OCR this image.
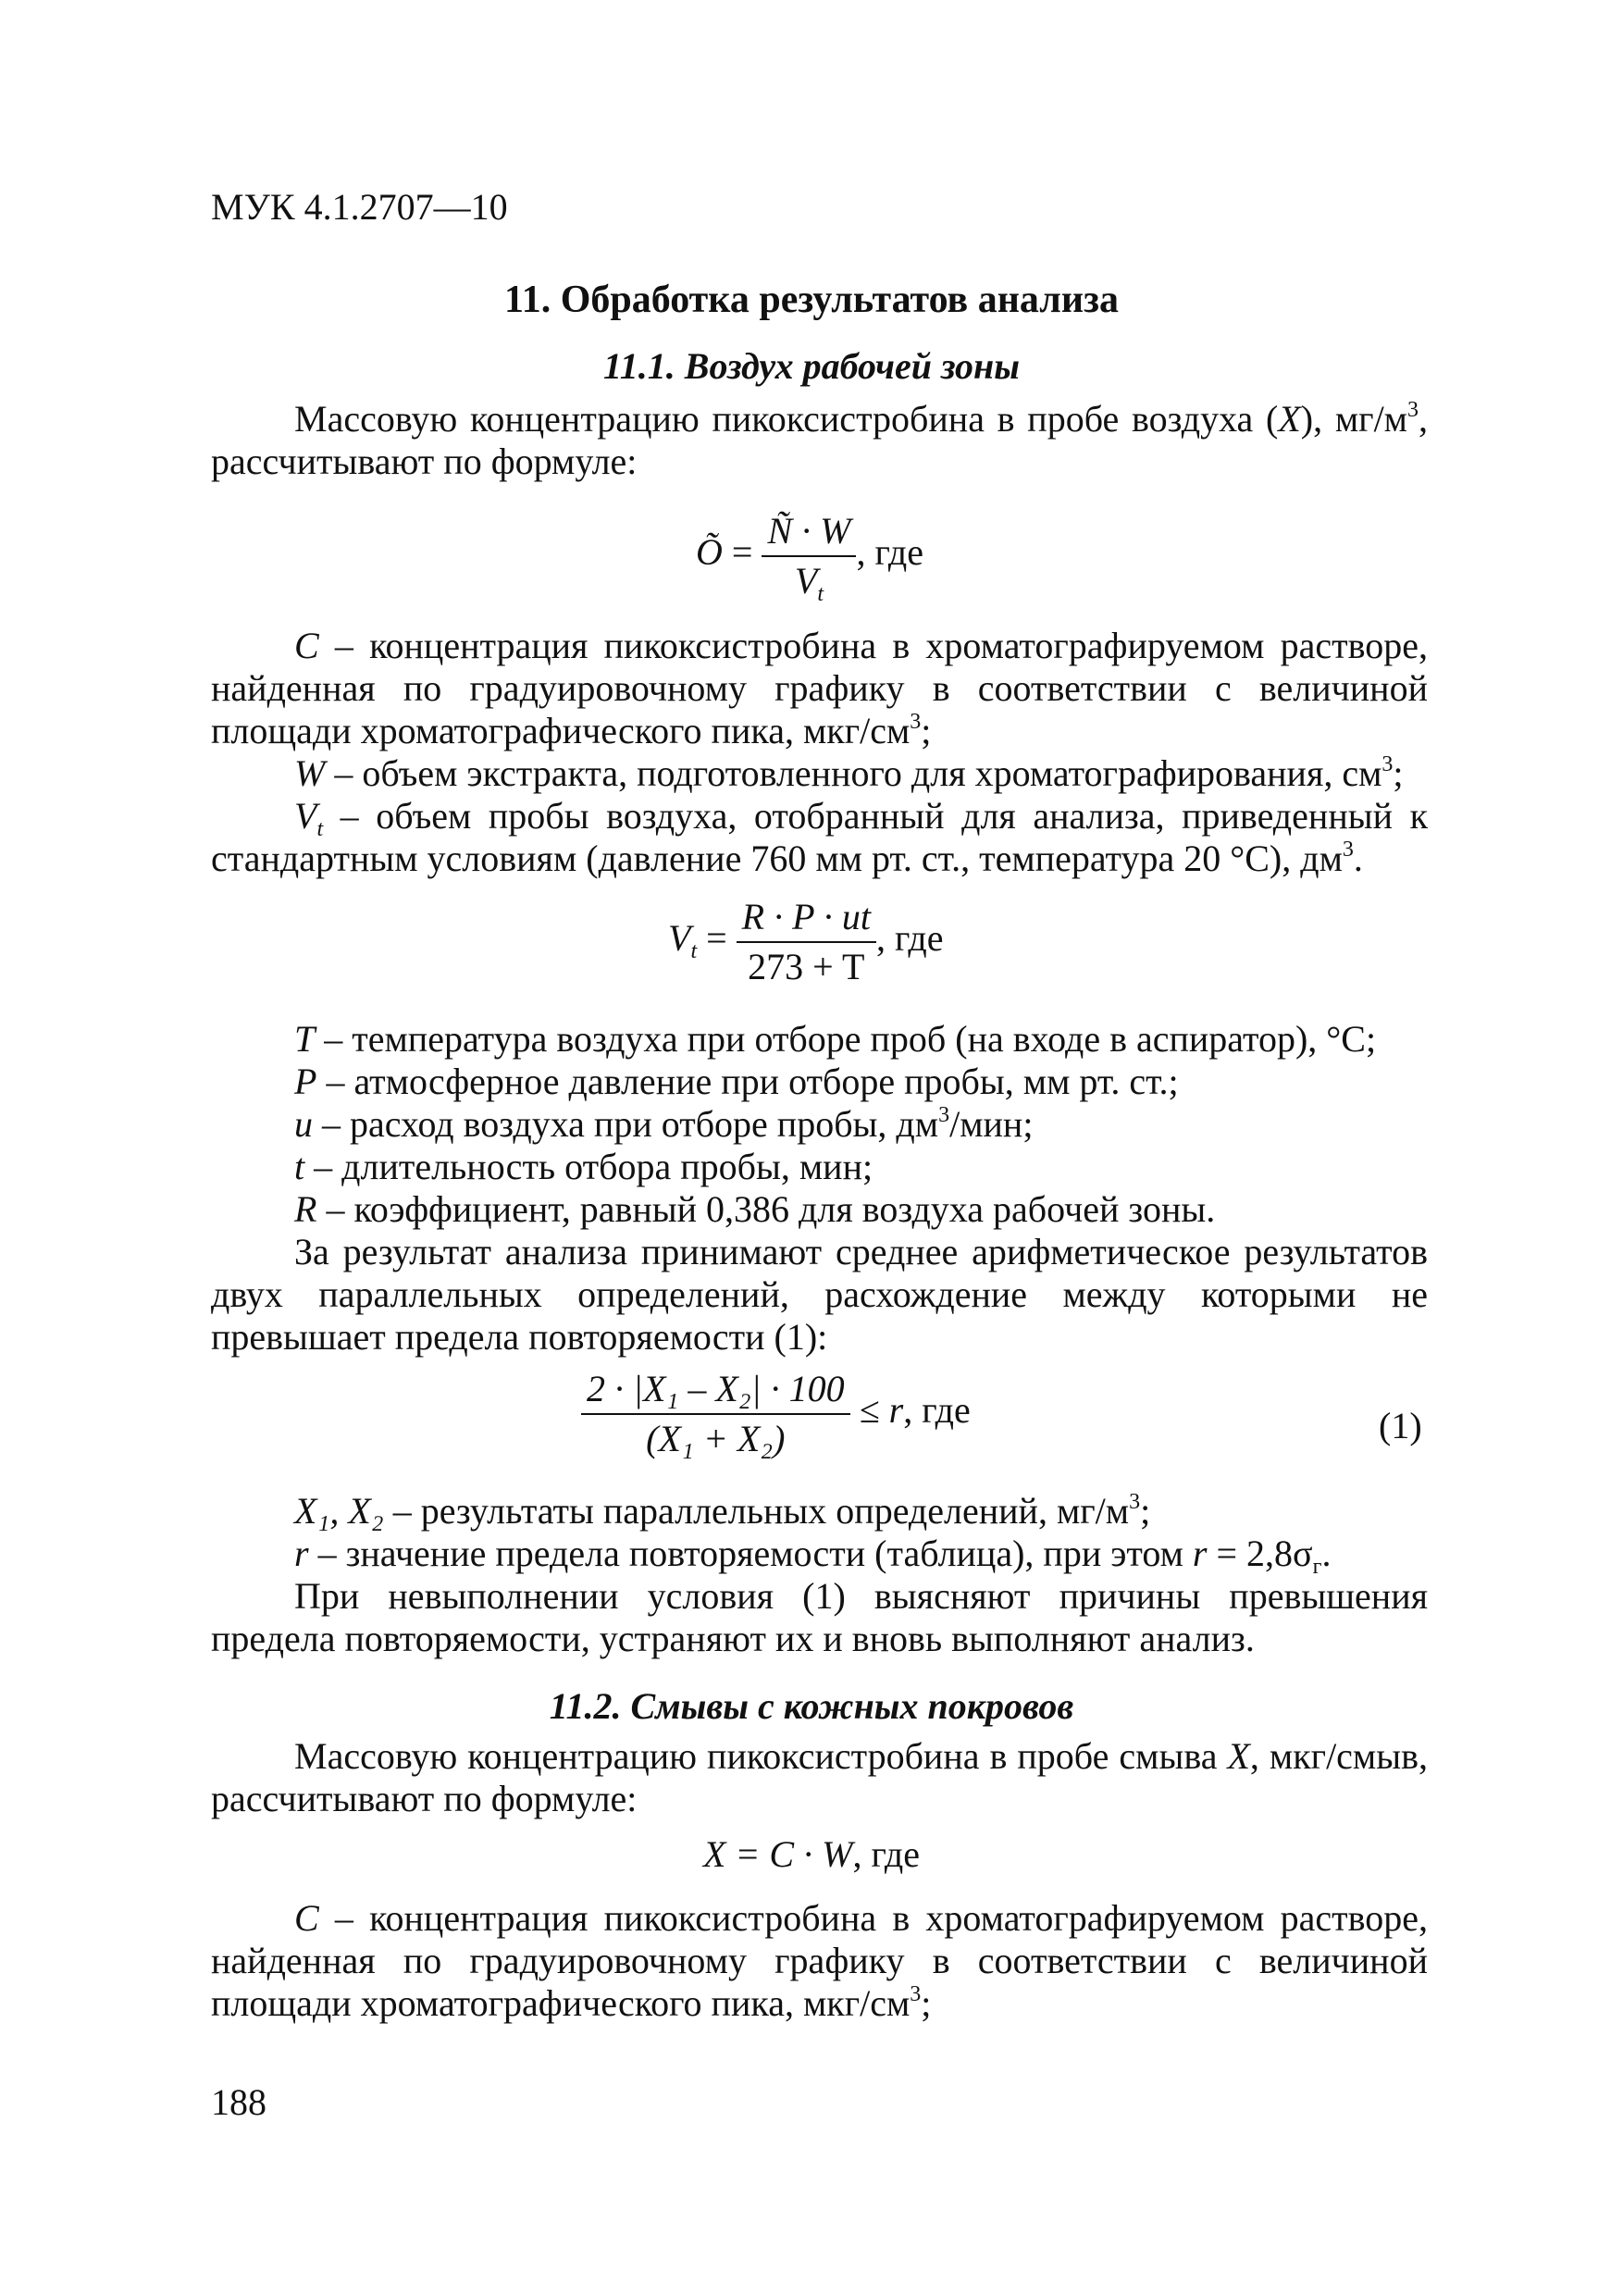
МУК 4.1.2707—10
11. Обработка результатов анализа
11.1. Воздух рабочей зоны

Массовую концентрацию пикоксистробина в пробе воздуха (X), $мг/м^3$, рассчитывают по формуле:

Õ = $\frac{Ñ \cdot W}{V_t}$ , где

C – концентрация пикоксистробина в хроматографируемом растворе, найденная по градуировочному графику в соответствии с величиной площади хроматографического пика, мкг/$см^3$;

W – объем экстракта, подготовленного для хроматографирования, $см^3$;

$V_t$ – объем пробы воздуха, отобранный для анализа, приведенный к стандартным условиям (давление 760 мм рт. ст., температура 20 °С), $дм^3$.

$V_t = \frac{R \cdot P \cdot ut}{273 + T}$ , где

T – температура воздуха при отборе проб (на входе в аспиратор), °С;

P – атмосферное давление при отборе пробы, мм рт. ст.;

u – расход воздуха при отборе пробы, $дм^3$/мин;

t – длительность отбора пробы, мин;

R – коэффициент, равный 0,386 для воздуха рабочей зоны.

За результат анализа принимают среднее арифметическое результатов двух параллельных определений, расхождение между которыми не превышает предела повторяемости (1):

$\frac{\text{2 · |X₁ – X₂| · 100}}{\text{(X₁ + X₂)}} \le r$, где	(1)

X₁, X₂ – результаты параллельных определений, $мг/м^3$;

r – значение предела повторяемости (таблица), при этом $r = 2,8\sigma_г$.

При невыполнении условия (1) выясняют причины превышения предела повторяемости, устраняют их и вновь выполняют анализ.

11.2. Смывы с кожных покровов

Массовую концентрацию пикоксистробина в пробе смыва X, мкг/смыв, рассчитывают по формуле:

X = C · W, где

C – концентрация пикоксистробина в хроматографируемом растворе, найденная по градуировочному графику в соответствии с величиной площади хроматографического пика, мкг/$см^3$;

188
